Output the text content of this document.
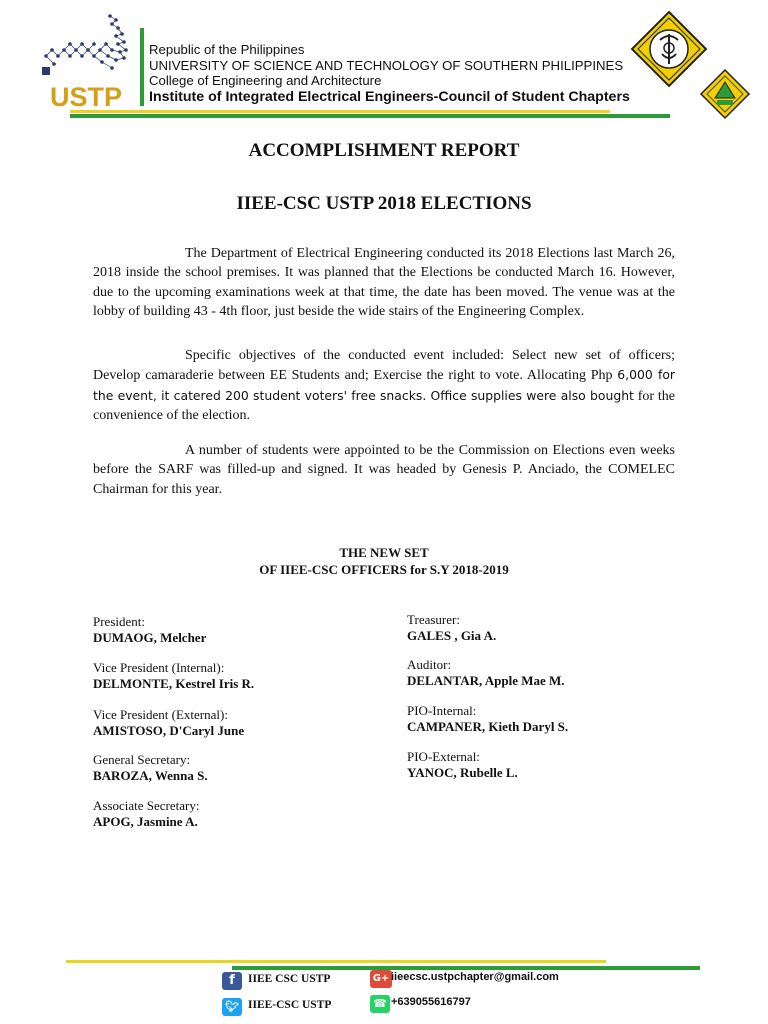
USTP
Republic of the Philippines
UNIVERSITY OF SCIENCE AND TECHNOLOGY OF SOUTHERN PHILIPPINES
College of Engineering and Architecture
Institute of Integrated Electrical Engineers-Council of Student Chapters
ACCOMPLISHMENT REPORT
IIEE-CSC USTP 2018 ELECTIONS

The Department of Electrical Engineering conducted its 2018 Elections last March 26, 2018 inside the school premises. It was planned that the Elections be conducted March 16. However, due to the upcoming examinations week at that time, the date has been moved. The venue was at the lobby of building 43 - 4th floor, just beside the wide stairs of the Engineering Complex.

Specific objectives of the conducted event included: Select new set of officers; Develop camaraderie between EE Students and; Exercise the right to vote. Allocating Php 6,000 for the event, it catered 200 student voters' free snacks. Office supplies were also bought for the convenience of the election.

A number of students were appointed to be the Commission on Elections even weeks before the SARF was filled-up and signed. It was headed by Genesis P. Anciado, the COMELEC Chairman for this year.

THE NEW SET
OF IIEE-CSC OFFICERS for S.Y 2018-2019
President:
DUMAOG, Melcher
Vice President (Internal):
DELMONTE, Kestrel Iris R.
Vice President (External):
AMISTOSO, D'Caryl June
General Secretary:
BAROZA, Wenna S.
Associate Secretary:
APOG, Jasmine A.
Treasurer:
GALES , Gia A.
Auditor:
DELANTAR, Apple Mae M.
PIO-Internal:
CAMPANER, Kieth Daryl S.
PIO-External:
YANOC, Rubelle L.
f	IIEE CSC USTP
🐦︎ IIEE-CSC USTP
G+ iieecsc.ustpchapter@gmail.com
☎ +639055616797
